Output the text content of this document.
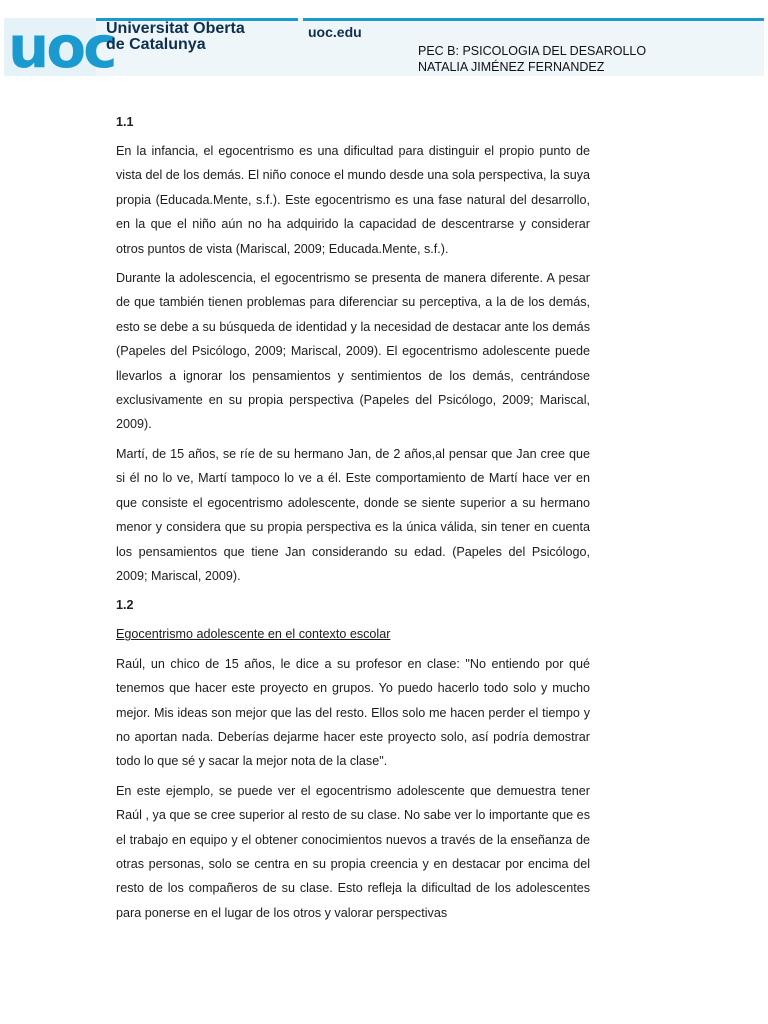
uoc
Universitat Oberta
de Catalunya
uoc.edu
PEC B: PSICOLOGIA DEL DESAROLLO
NATALIA JIMÉNEZ FERNANDEZ
1.1

En la infancia, el egocentrismo es una dificultad para distinguir el propio punto de vista del de los demás. El niño conoce el mundo desde una sola perspectiva, la suya propia (Educada.Mente, s.f.). Este egocentrismo es una fase natural del desarrollo, en la que el niño aún no ha adquirido la capacidad de descentrarse y considerar otros puntos de vista (Mariscal, 2009; Educada.Mente, s.f.).

Durante la adolescencia, el egocentrismo se presenta de manera diferente. A pesar de que también tienen problemas para diferenciar su perceptiva, a la de los demás, esto se debe a su búsqueda de identidad y la necesidad de destacar ante los demás (Papeles del Psicólogo, 2009; Mariscal, 2009). El egocentrismo adolescente puede llevarlos a ignorar los pensamientos y sentimientos de los demás, centrándose exclusivamente en su propia perspectiva (Papeles del Psicólogo, 2009; Mariscal, 2009).

Martí, de 15 años, se ríe de su hermano Jan, de 2 años,al pensar que Jan cree que si él no lo ve, Martí tampoco lo ve a él. Este comportamiento de Martí hace ver en que consiste el egocentrismo adolescente, donde se siente superior a su hermano menor y considera que su propia perspectiva es la única válida, sin tener en cuenta los pensamientos que tiene Jan considerando su edad. (Papeles del Psicólogo, 2009; Mariscal, 2009).

1.2

Egocentrismo adolescente en el contexto escolar

Raúl, un chico de 15 años, le dice a su profesor en clase: "No entiendo por qué tenemos que hacer este proyecto en grupos. Yo puedo hacerlo todo solo y mucho mejor. Mis ideas son mejor que las del resto. Ellos solo me hacen perder el tiempo y no aportan nada. Deberías dejarme hacer este proyecto solo, así podría demostrar todo lo que sé y sacar la mejor nota de la clase".

En este ejemplo, se puede ver el egocentrismo adolescente que demuestra tener Raúl , ya que se cree superior al resto de su clase. No sabe ver lo importante que es el trabajo en equipo y el obtener conocimientos nuevos a través de la enseñanza de otras personas, solo se centra en su propia creencia y en destacar por encima del resto de los compañeros de su clase. Esto refleja la dificultad de los adolescentes para ponerse en el lugar de los otros y valorar perspectivas
